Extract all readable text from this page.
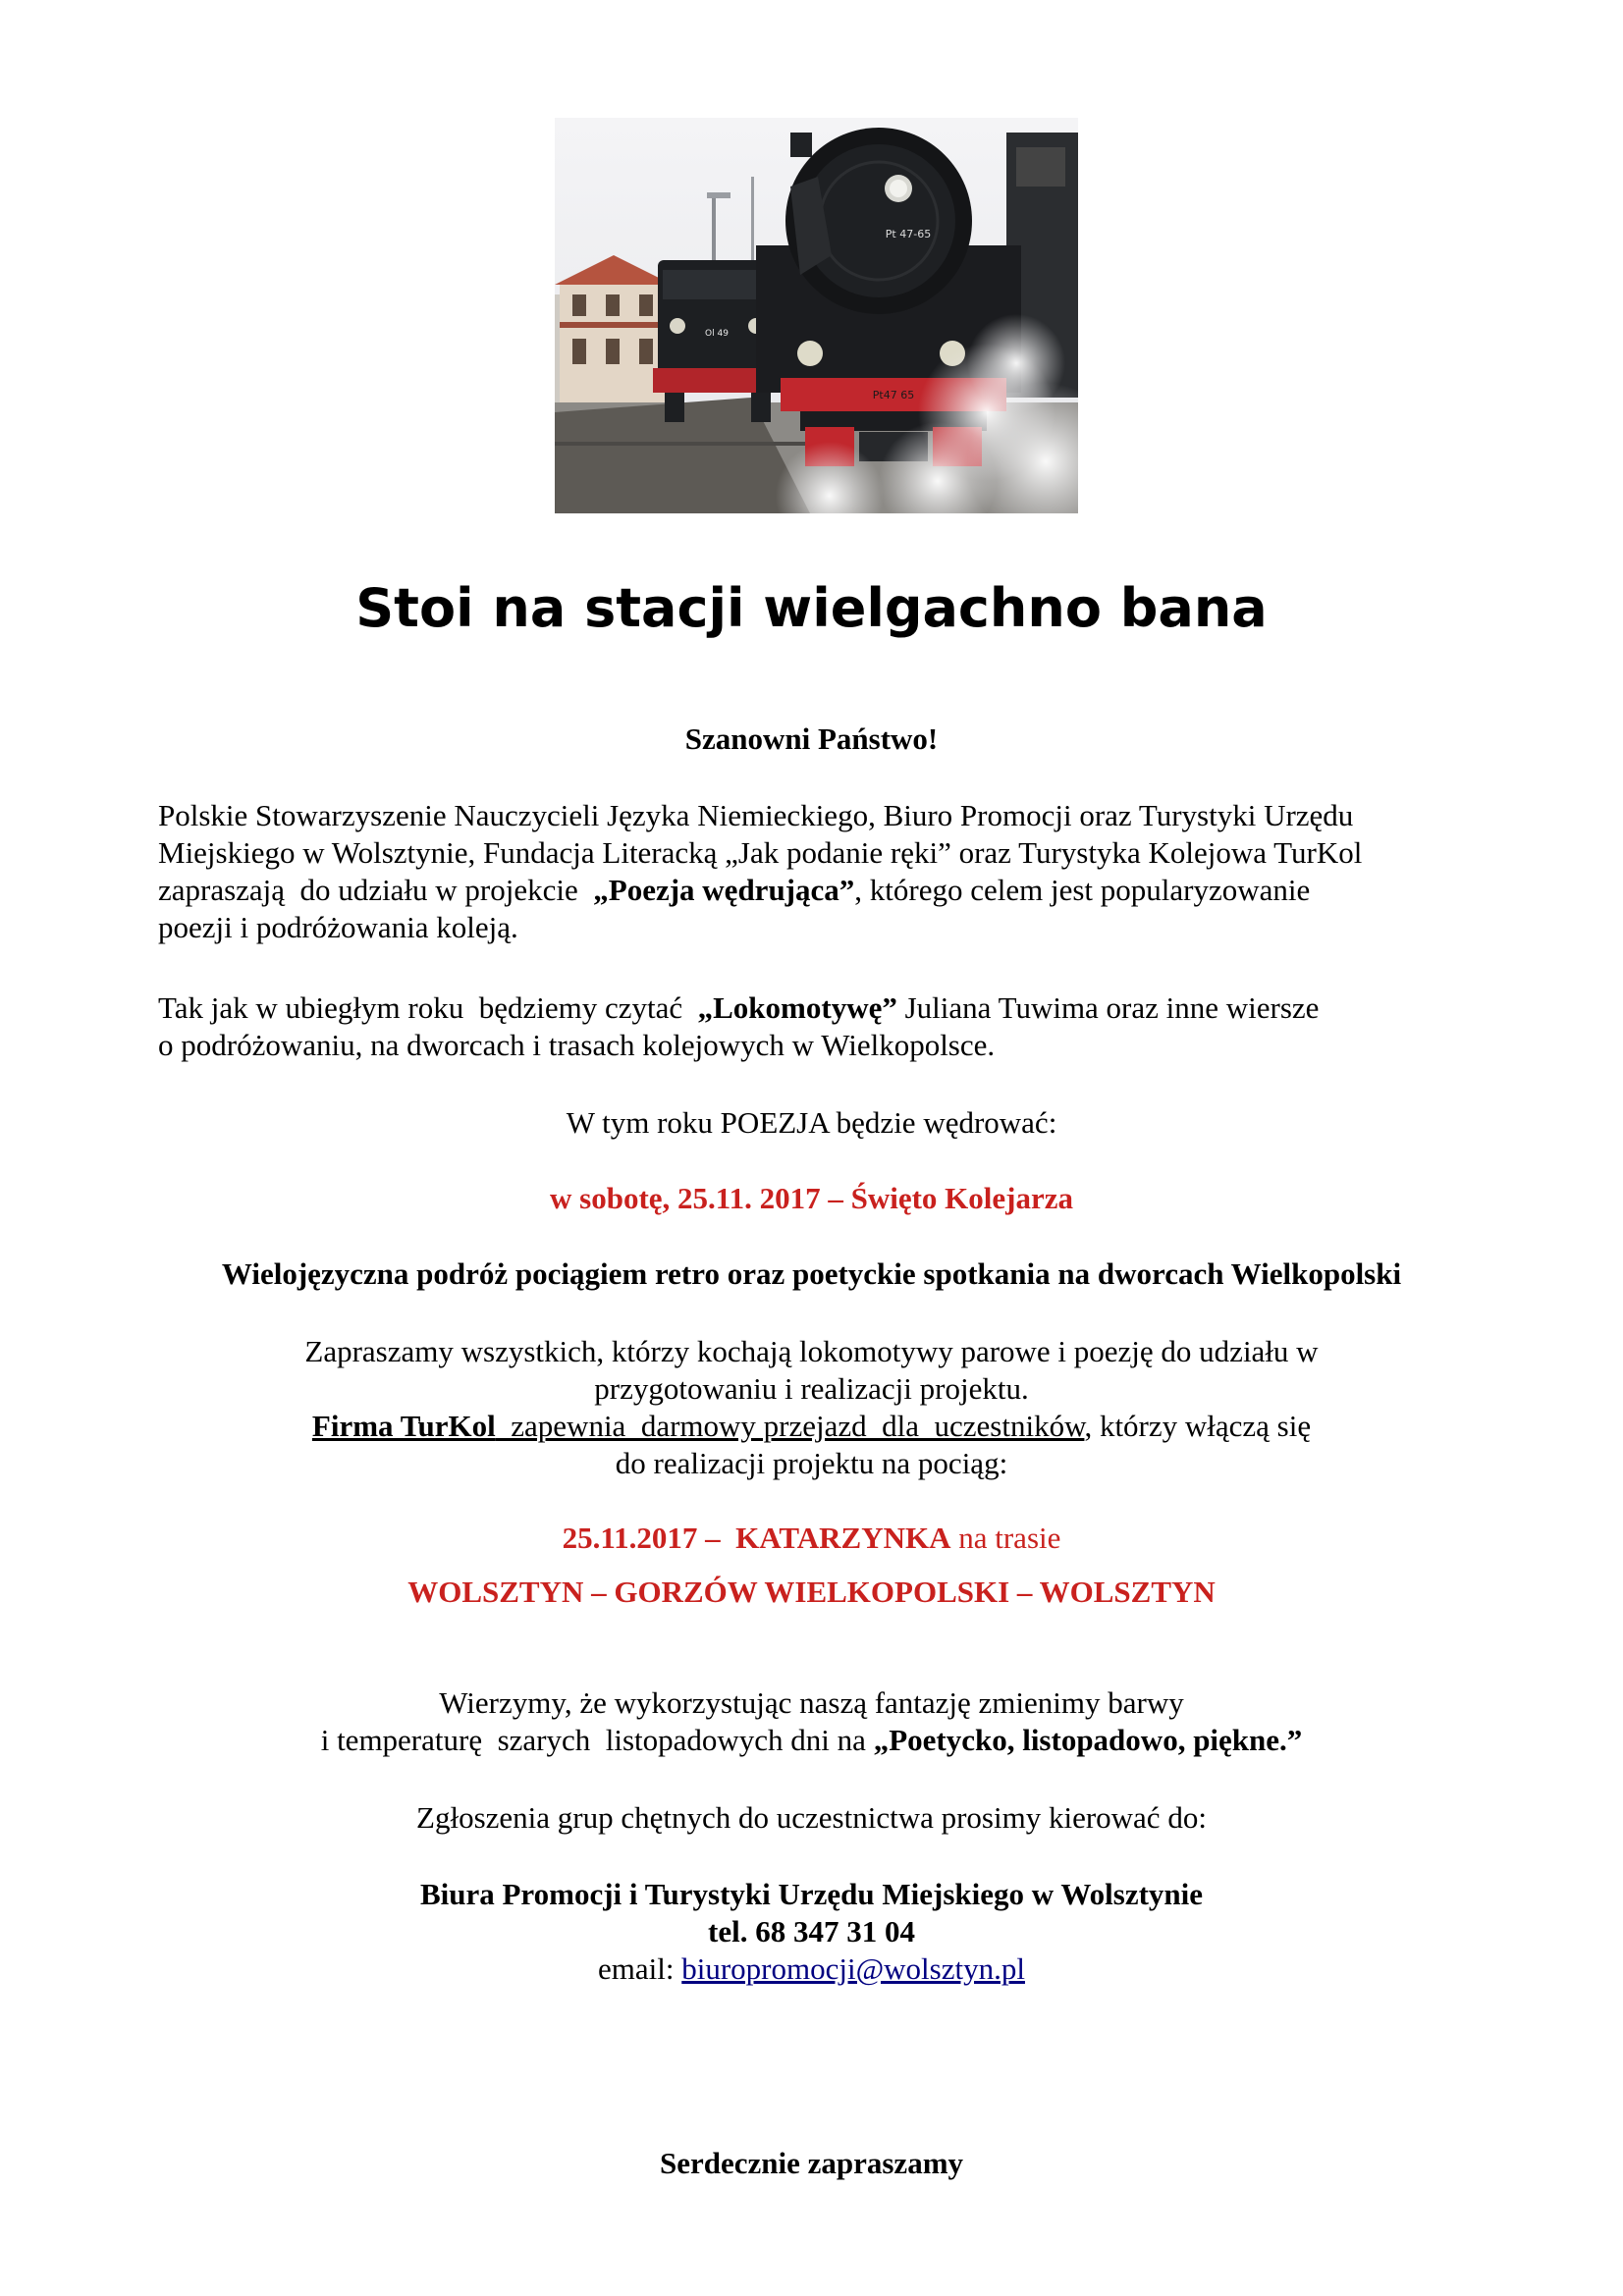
Ol 49
Pt 47-65
Pt47 65
Stoi na stacji wielgachno bana

Szanowni Państwo!

Polskie Stowarzyszenie Nauczycieli Języka Niemieckiego, Biuro Promocji oraz Turystyki Urzędu
Miejskiego w Wolsztynie, Fundacja Literacką „Jak podanie ręki” oraz Turystyka Kolejowa TurKol
zapraszają  do udziału w projekcie  „Poezja wędrująca”, którego celem jest popularyzowanie
poezji i podróżowania koleją.
Tak jak w ubiegłym roku  będziemy czytać  „Lokomotywę” Juliana Tuwima oraz inne wiersze
o podróżowaniu, na dworcach i trasach kolejowych w Wielkopolsce.

W tym roku POEZJA będzie wędrować:

w sobotę, 25.11. 2017 – Święto Kolejarza

Wielojęzyczna podróż pociągiem retro oraz poetyckie spotkania na dworcach Wielkopolski

Zapraszamy wszystkich, którzy kochają lokomotywy parowe i poezję do udziału w
przygotowaniu i realizacji projektu.
Firma TurKol  zapewnia  darmowy przejazd  dla  uczestników, którzy włączą się
do realizacji projektu na pociąg:

25.11.2017 –  KATARZYNKA na trasie

WOLSZTYN – GORZÓW WIELKOPOLSKI – WOLSZTYN

Wierzymy, że wykorzystując naszą fantazję zmienimy barwy
i temperaturę  szarych  listopadowych dni na „Poetycko, listopadowo, piękne.”

Zgłoszenia grup chętnych do uczestnictwa prosimy kierować do:

Biura Promocji i Turystyki Urzędu Miejskiego w Wolsztynie
tel. 68 347 31 04
email: biuropromocji@wolsztyn.pl

Serdecznie zapraszamy
